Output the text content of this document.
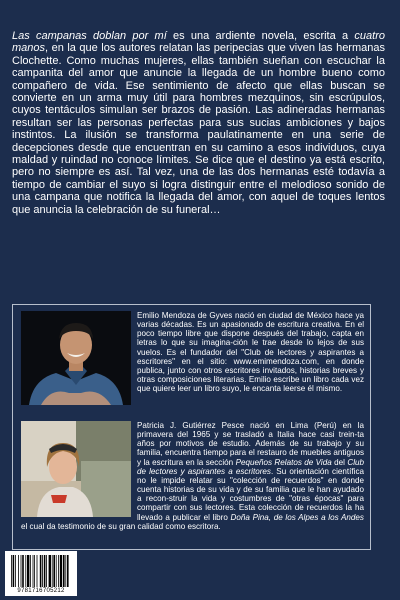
Las campanas doblan por mí es una ardiente novela, escrita a cuatro manos, en la que los autores relatan las peripecias que viven las hermanas Clochette. Como muchas mujeres, ellas también sueñan con escuchar la campanita del amor que anuncie la llegada de un hombre bueno como compañero de vida. Ese sentimiento de afecto que ellas buscan se convierte en un arma muy útil para hombres mezquinos, sin escrúpulos, cuyos tentáculos simulan ser brazos de pasión. Las adineradas hermanas resultan ser las personas perfectas para sus sucias ambiciones y bajos instintos. La ilusión se transforma paulatinamente en una serie de decepciones desde que encuentran en su camino a esos individuos, cuya maldad y ruindad no conoce límites. Se dice que el destino ya está escrito, pero no siempre es así. Tal vez, una de las dos hermanas esté todavía a tiempo de cambiar el suyo si logra distinguir entre el melodioso sonido de una campana que notifica la llegada del amor, con aquel de toques lentos que anuncia la celebración de su funeral…

Emilio Mendoza de Gyves nació en ciudad de México hace ya varias décadas. Es un apasionado de escritura creativa. En el poco tiempo libre que dispone después del trabajo, capta en letras lo que su imagina-ción le trae desde lo lejos de sus vuelos. Es el fundador del "Club de lectores y aspirantes a escritores" en el sitio: www.emimendoza.com, en donde publica, junto con otros escritores invitados, historias breves y otras composiciones literarias. Emilio escribe un libro cada vez que quiere leer un libro suyo, le encanta leerse él mismo.

Patricia J. Gutiérrez Pesce nació en Lima (Perú) en la primavera del 1965 y se trasladó a Italia hace casi trein-ta años por motivos de estudio. Además de su trabajo y su familia, encuentra tiempo para el restauro de muebles antiguos y la escritura en la sección Pequeños Relatos de Vida del Club de lectores y aspirantes a escritores. Su orientación científica no le impide relatar su "colección de recuerdos" en donde cuenta historias de su vida y de su familia que le han ayudado a recon-struir la vida y costumbres de "otras épocas" para compartir con sus lectores. Esta colección de recuerdos la ha llevado a publicar el libro Doña Pina, de los Alpes a los Andes el cual da testimonio de su gran calidad como escritora.

9781716705212
